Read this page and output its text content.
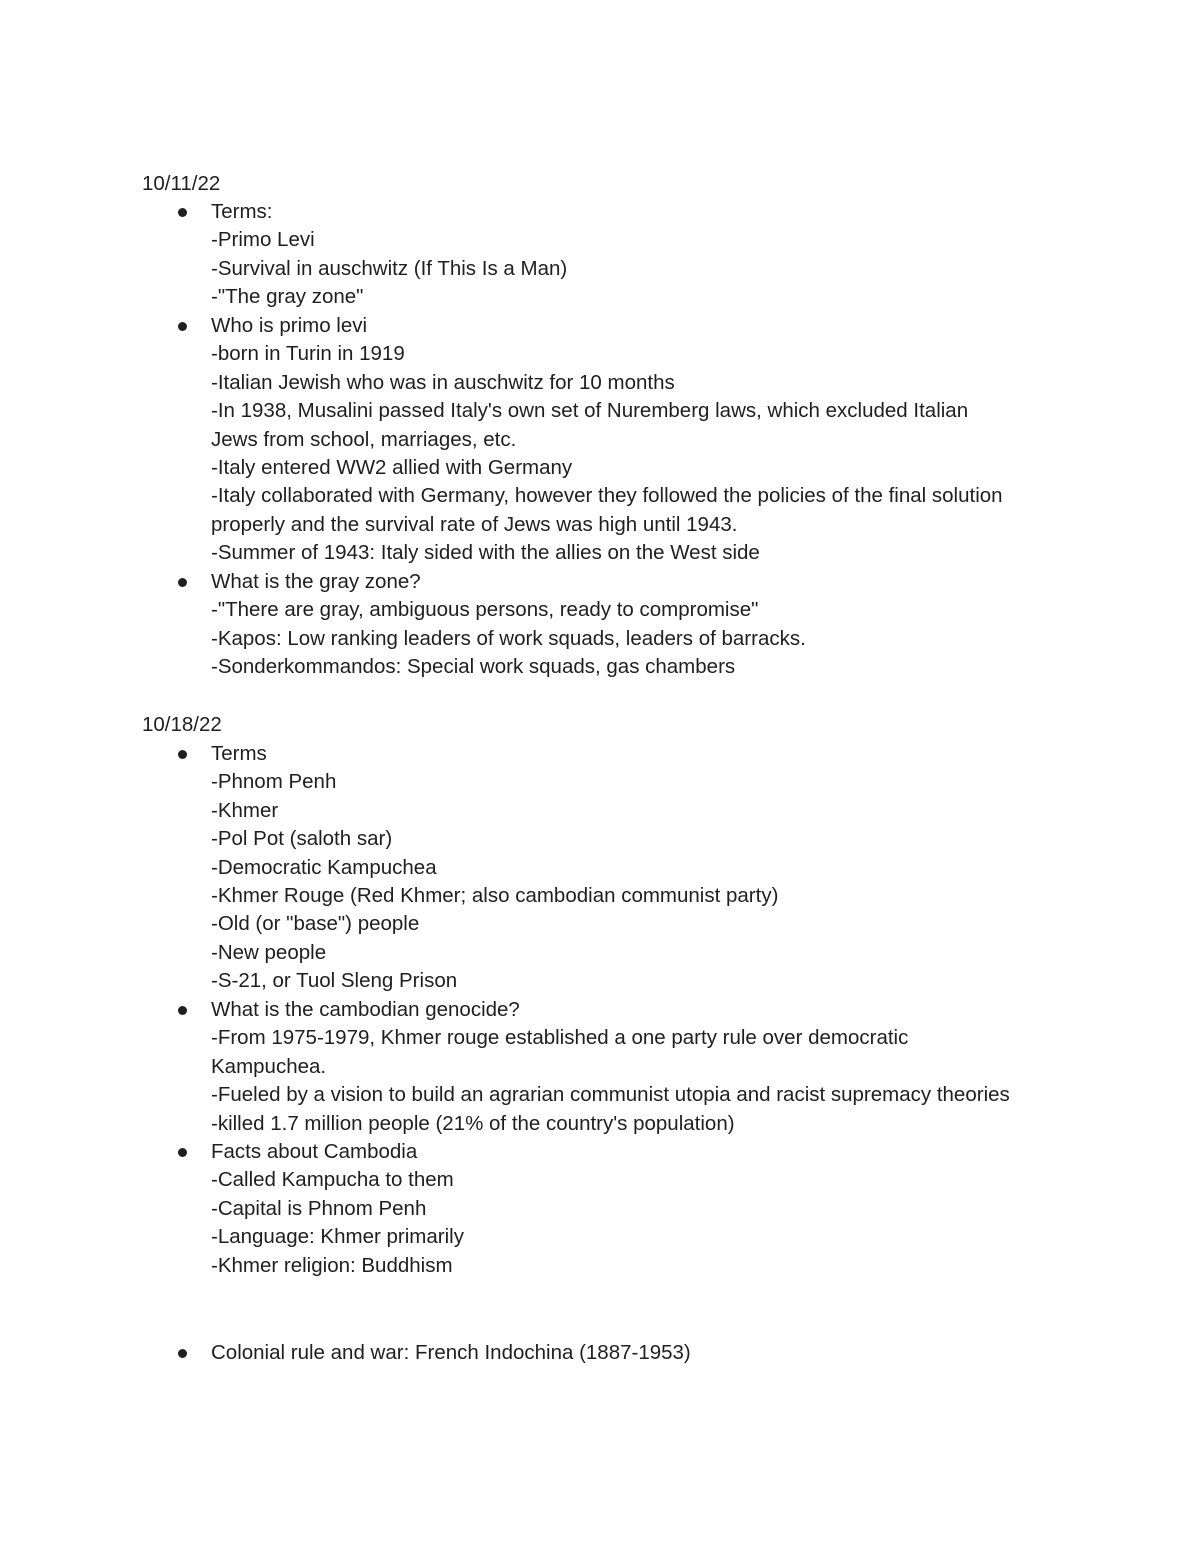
10/11/22
Terms:
-Primo Levi
-Survival in auschwitz (If This Is a Man)
-"The gray zone"
Who is primo levi
-born in Turin in 1919
-Italian Jewish who was in auschwitz for 10 months
-In 1938, Musalini passed Italy's own set of Nuremberg laws, which excluded Italian
Jews from school, marriages, etc.
-Italy entered WW2 allied with Germany
-Italy collaborated with Germany, however they followed the policies of the final solution
properly and the survival rate of Jews was high until 1943.
-Summer of 1943: Italy sided with the allies on the West side
What is the gray zone?
-"There are gray, ambiguous persons, ready to compromise"
-Kapos: Low ranking leaders of work squads, leaders of barracks.
-Sonderkommandos: Special work squads, gas chambers
10/18/22
Terms
-Phnom Penh
-Khmer
-Pol Pot (saloth sar)
-Democratic Kampuchea
-Khmer Rouge (Red Khmer; also cambodian communist party)
-Old (or "base") people
-New people
-S-21, or Tuol Sleng Prison
What is the cambodian genocide?
-From 1975-1979, Khmer rouge established a one party rule over democratic
Kampuchea.
-Fueled by a vision to build an agrarian communist utopia and racist supremacy theories
-killed 1.7 million people (21% of the country's population)
Facts about Cambodia
-Called Kampucha to them
-Capital is Phnom Penh
-Language: Khmer primarily
-Khmer religion: Buddhism
Colonial rule and war: French Indochina (1887-1953)
